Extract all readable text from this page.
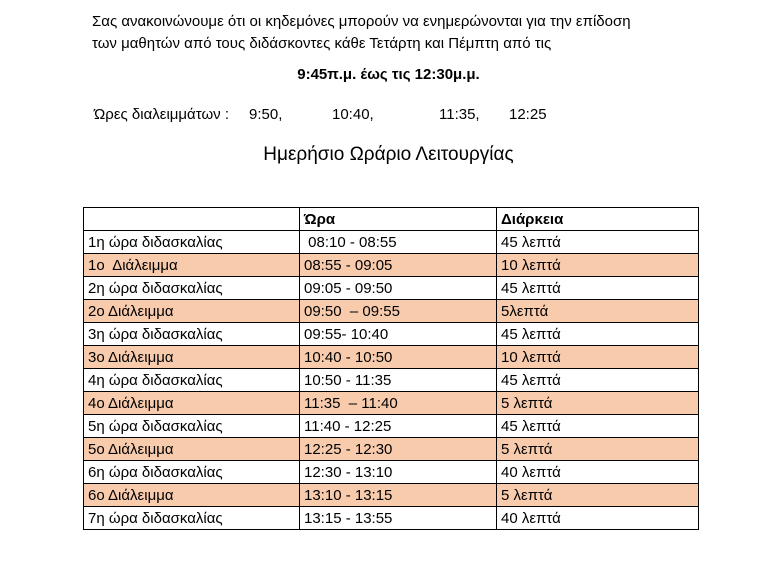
Σας ανακοινώνουμε ότι οι κηδεμόνες μπορούν να ενημερώνονται για την επίδοση
των μαθητών από τους διδάσκοντες κάθε Τετάρτη και Πέμπτη από τις
9:45π.μ. έως τις 12:30μ.μ.
Ώρες διαλειμμάτων : 9:50,	10:40,	11:35, 12:25
Ημερήσιο Ωράριο Λειτουργίας
	Ώρα	Διάρκεια
1η ώρα διδασκαλίας	08:10 - 08:55	45 λεπτά
1ο  Διάλειμμα	08:55 - 09:05	10 λεπτά
2η ώρα διδασκαλίας	09:05 - 09:50	45 λεπτά
2ο Διάλειμμα	09:50  – 09:55	5λεπτά
3η ώρα διδασκαλίας	09:55- 10:40	45 λεπτά
3ο Διάλειμμα	10:40 - 10:50	10 λεπτά
4η ώρα διδασκαλίας	10:50 - 11:35	45 λεπτά
4ο Διάλειμμα	11:35  – 11:40	5 λεπτά
5η ώρα διδασκαλίας	11:40 - 12:25	45 λεπτά
5ο Διάλειμμα	12:25 - 12:30	5 λεπτά
6η ώρα διδασκαλίας	12:30 - 13:10	40 λεπτά
6ο Διάλειμμα	13:10 - 13:15	5 λεπτά
7η ώρα διδασκαλίας	13:15 - 13:55	40 λεπτά
